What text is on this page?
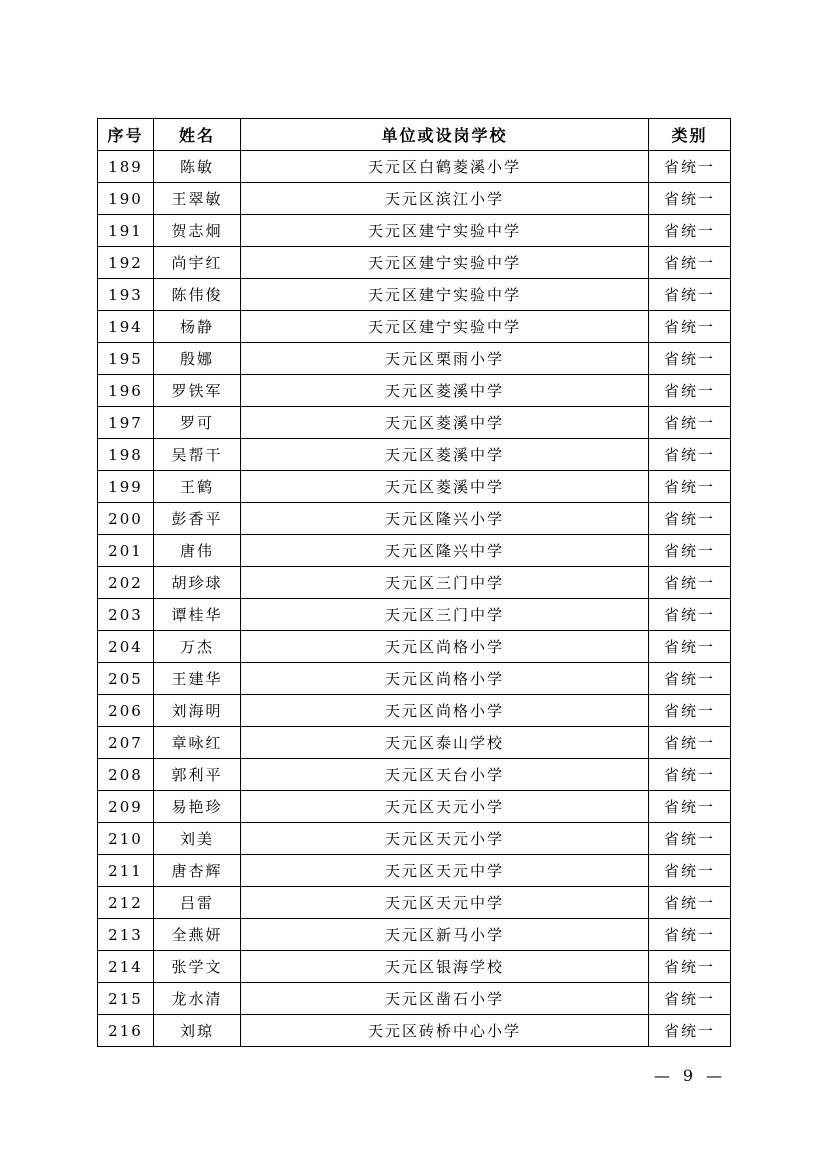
序号	姓名	单位或设岗学校	类别
189	陈敏	天元区白鹤菱溪小学	省统一
190	王翠敏	天元区滨江小学	省统一
191	贺志炯	天元区建宁实验中学	省统一
192	尚宇红	天元区建宁实验中学	省统一
193	陈伟俊	天元区建宁实验中学	省统一
194	杨静	天元区建宁实验中学	省统一
195	殷娜	天元区栗雨小学	省统一
196	罗铁军	天元区菱溪中学	省统一
197	罗可	天元区菱溪中学	省统一
198	吴帮干	天元区菱溪中学	省统一
199	王鹤	天元区菱溪中学	省统一
200	彭香平	天元区隆兴小学	省统一
201	唐伟	天元区隆兴中学	省统一
202	胡珍球	天元区三门中学	省统一
203	谭桂华	天元区三门中学	省统一
204	万杰	天元区尚格小学	省统一
205	王建华	天元区尚格小学	省统一
206	刘海明	天元区尚格小学	省统一
207	章咏红	天元区泰山学校	省统一
208	郭利平	天元区天台小学	省统一
209	易艳珍	天元区天元小学	省统一
210	刘美	天元区天元小学	省统一
211	唐杏辉	天元区天元中学	省统一
212	吕雷	天元区天元中学	省统一
213	全燕妍	天元区新马小学	省统一
214	张学文	天元区银海学校	省统一
215	龙水清	天元区凿石小学	省统一
216	刘琼	天元区砖桥中心小学	省统一
— 9 —
